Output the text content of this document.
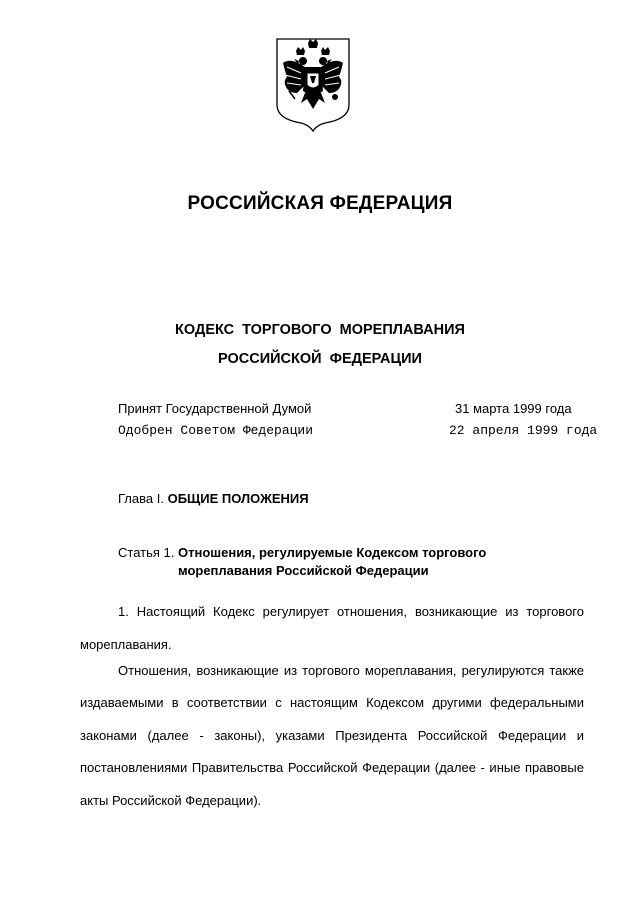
РОССИЙСКАЯ ФЕДЕРАЦИЯ
КОДЕКС ТОРГОВОГО МОРЕПЛАВАНИЯ
РОССИЙСКОЙ ФЕДЕРАЦИИ
Принят Государственной Думой	31 марта 1999 года
Одобрен Советом Федерации	22 апреля 1999 года
Глава I. ОБЩИЕ ПОЛОЖЕНИЯ
Статья 1. Отношения, регулируемые Кодексом торгового
мореплавания Российской Федерации
1. Настоящий Кодекс регулирует отношения, возникающие из торгового
мореплавания.
Отношения, возникающие из торгового мореплавания, регулируются также
издаваемыми в соответствии с настоящим Кодексом другими федеральными
законами (далее - законы), указами Президента Российской Федерации и
постановлениями Правительства Российской Федерации (далее - иные правовые
акты Российской Федерации).
